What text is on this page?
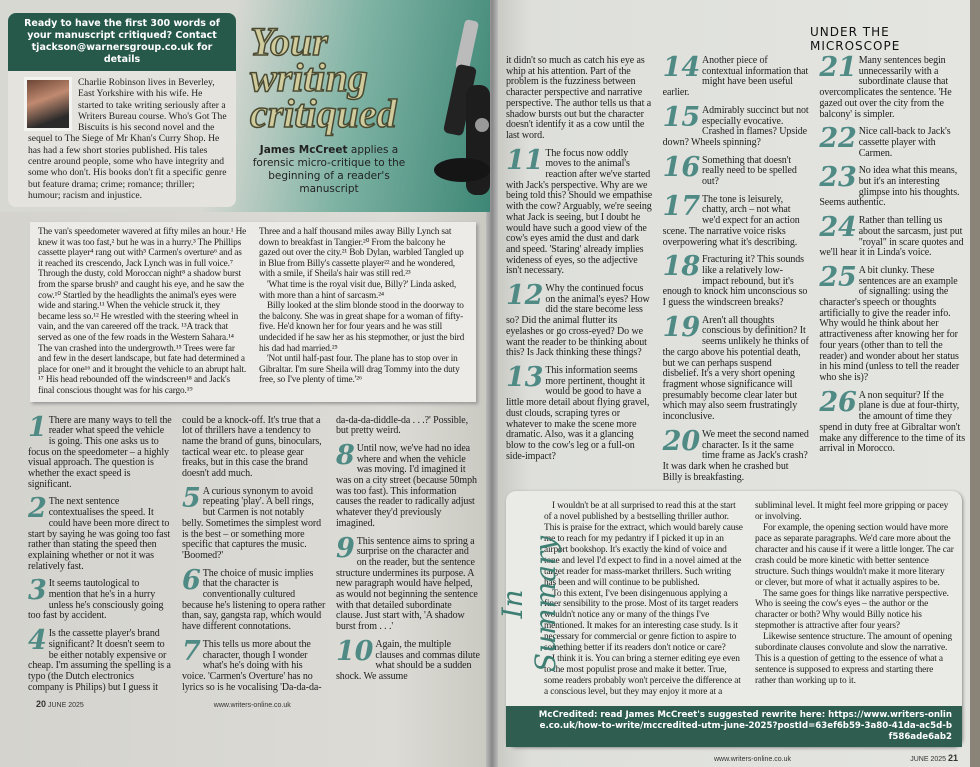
Ready to have the first 300 words of your manuscript critiqued? Contact tjackson@warnersgroup.co.uk for details
Charlie Robinson lives in Beverley, East Yorkshire with his wife. He started to take writing seriously after a Writers Bureau course. Who's Got The Biscuits is his second novel and the sequel to The Siege of Mr Khan's Curry Shop. He has had a few short stories published. His tales centre around people, some who have integrity and some who don't. His books don't fit a specific genre but feature drama; crime; romance; thriller; humour; racism and injustice.
Your
writing
critiqued
James McCreet applies a forensic micro-critique to the beginning of a reader's manuscript

The van's speedometer wavered at fifty miles an hour.¹ He knew it was too fast,² but he was in a hurry.³ The Phillips cassette player⁴ rang out with⁵ Carmen's overture⁶ and as it reached its crescendo, Jack Lynch was in full voice.⁷ Through the dusty, cold Moroccan night⁸ a shadow burst from the sparse brush⁹ and caught his eye, and he saw the cow.¹⁰ Startled by the headlights the animal's eyes were wide and staring.¹¹ When the vehicle struck it, they became less so.¹² He wrestled with the steering wheel in vain, and the van careered off the track. ¹³A track that served as one of the few roads in the Western Sahara.¹⁴ The van crashed into the undergrowth.¹⁵ Trees were far and few in the desert landscape, but fate had determined a place for one¹⁶ and it brought the vehicle to an abrupt halt. ¹⁷ His head rebounded off the windscreen¹⁸ and Jack's final conscious thought was for his cargo.¹⁹

Three and a half thousand miles away Billy Lynch sat down to breakfast in Tangier.²⁰ From the balcony he gazed out over the city.²¹ Bob Dylan, warbled Tangled up in Blue from Billy's cassette player²² and he wondered, with a smile, if Sheila's hair was still red.²³

'What time is the royal visit due, Billy?' Linda asked, with more than a hint of sarcasm.²⁴

Billy looked at the slim blonde stood in the doorway to the balcony. She was in great shape for a woman of fifty-five. He'd known her for four years and he was still undecided if he saw her as his stepmother, or just the bird his dad had married.²⁵

'Not until half-past four. The plane has to stop over in Gibraltar. I'm sure Sheila will drag Tommy into the duty free, so I've plenty of time.'²⁶

1 There are many ways to tell the reader what speed the vehicle is going. This one asks us to focus on the speedometer – a highly visual approach. The question is whether the exact speed is significant.
2 The next sentence contextualises the speed. It could have been more direct to start by saying he was going too fast rather than stating the speed then explaining whether or not it was relatively fast.
3 It seems tautological to mention that he's in a hurry unless he's consciously going too fast by accident.
4 Is the cassette player's brand significant? It doesn't seem to be either notably expensive or cheap. I'm assuming the spelling is a typo (the Dutch electronics company is Philips) but I guess it could be a knock-off. It's true that a lot of thrillers have a tendency to name the brand of guns, binoculars, tactical wear etc. to please gear freaks, but in this case the brand doesn't add much.
5 A curious synonym to avoid repeating 'play'. A bell rings, but Carmen is not notably belly. Sometimes the simplest word is the best – or something more specific that captures the music. 'Boomed?'
6 The choice of music implies that the character is conventionally cultured because he's listening to opera rather than, say, gangsta rap, which would have different connotations.
7 This tells us more about the character, though I wonder what's he's doing with his voice. 'Carmen's Overture' has no lyrics so is he vocalising 'Da-da-da-da-da-da-diddle-da . . .?' Possible, but pretty weird.
8 Until now, we've had no idea where and when the vehicle was moving. I'd imagined it was on a city street (because 50mph was too fast). This information causes the reader to radically adjust whatever they'd previously imagined.
9 This sentence aims to spring a surprise on the character and on the reader, but the sentence structure undermines its purpose. A new paragraph would have helped, as would not beginning the sentence with that detailed subordinate clause. Just start with, 'A shadow burst from . . .'
10 Again, the multiple clauses and commas dilute what should be a sudden shock. We assume
20
JUNE 2025	www.writers-online.co.uk
UNDER THE MICROSCOPE
it didn't so much as catch his eye as whip at his attention. Part of the problem is the fuzziness between character perspective and narrative perspective. The author tells us that a shadow bursts out but the character doesn't identify it as a cow until the last word.
11 The focus now oddly moves to the animal's reaction after we've started with Jack's perspective. Why are we being told this? Should we empathise with the cow? Arguably, we're seeing what Jack is seeing, but I doubt he would have such a good view of the cow's eyes amid the dust and dark and speed. 'Staring' already implies wideness of eyes, so the adjective isn't necessary.
12 Why the continued focus on the animal's eyes? How did the stare become less so? Did the animal flutter its eyelashes or go cross-eyed? Do we want the reader to be thinking about this? Is Jack thinking these things?
13 This information seems more pertinent, thought it would be good to have a little more detail about flying gravel, dust clouds, scraping tyres or whatever to make the scene more dramatic. Also, was it a glancing blow to the cow's leg or a full-on side-impact?
14 Another piece of contextual information that might have been useful earlier.
15 Admirably succinct but not especially evocative. Crashed in flames? Upside down? Wheels spinning?
16 Something that doesn't really need to be spelled out?
17 The tone is leisurely, chatty, arch – not what we'd expect for an action scene. The narrative voice risks overpowering what it's describing.
18 Fracturing it? This sounds like a relatively low-impact rebound, but it's enough to knock him unconscious so I guess the windscreen breaks?
19 Aren't all thoughts conscious by definition? It seems unlikely he thinks of the cargo above his potential death, but we can perhaps suspend disbelief. It's a very short opening fragment whose significance will presumably become clear later but which may also seem frustratingly inconclusive.
20 We meet the second named character. Is it the same time frame as Jack's crash? It was dark when he crashed but Billy is breakfasting.
21 Many sentences begin unnecessarily with a subordinate clause that overcomplicates the sentence. 'He gazed out over the city from the balcony' is simpler.
22 Nice call-back to Jack's cassette player with Carmen.
23 No idea what this means, but it's an interesting glimpse into his thoughts. Seems authentic.
24 Rather than telling us about the sarcasm, just put "royal" in scare quotes and we'll hear it in Linda's voice.
25 A bit clunky. These sentences are an example of signalling: using the character's speech or thoughts artificially to give the reader info. Why would he think about her attractiveness after knowing her for four years (other than to tell the reader) and wonder about her status in his mind (unless to tell the reader who she is)?
26 A non sequitur? If the plane is due at four-thirty, the amount of time they spend in duty free at Gibraltar won't make any difference to the time of its arrival in Morocco.
In Summary

I wouldn't be at all surprised to read this at the start of a novel published by a bestselling thriller author. This is praise for the extract, which would barely cause me to reach for my pedantry if I picked it up in an airport bookshop. It's exactly the kind of voice and tone and level I'd expect to find in a novel aimed at the target reader for mass-market thrillers. Such writing has been and will continue to be published.

To this extent, I've been disingenuous applying a finer sensibility to the prose. Most of its target readers wouldn't notice any or many of the things I've mentioned. It makes for an interesting case study. Is it necessary for commercial or genre fiction to aspire to something better if its readers don't notice or care?

I think it is. You can bring a sterner editing eye even to the most populist prose and make it better. True, some readers probably won't perceive the difference at a conscious level, but they may enjoy it more at a subliminal level. It might feel more gripping or pacey or involving.

For example, the opening section would have more pace as separate paragraphs. We'd care more about the character and his cause if it were a little longer. The car crash could be more kinetic with better sentence structure. Such things wouldn't make it more literary or clever, but more of what it actually aspires to be.

The same goes for things like narrative perspective. Who is seeing the cow's eyes – the author or the character or both? Why would Billy notice his stepmother is attractive after four years?

Likewise sentence structure. The amount of opening subordinate clauses convolute and slow the narrative. This is a question of getting to the essence of what a sentence is supposed to express and starting there rather than working up to it.

McCredited: read James McCreet's suggested rewrite here: https://www.writers-online.co.uk/how-to-write/mccredited-utm-june-2025?postId=63ef6b59-3a80-41da-ac5d-bf586ade6ab2
www.writers-online.co.uk	JUNE 2025
21
